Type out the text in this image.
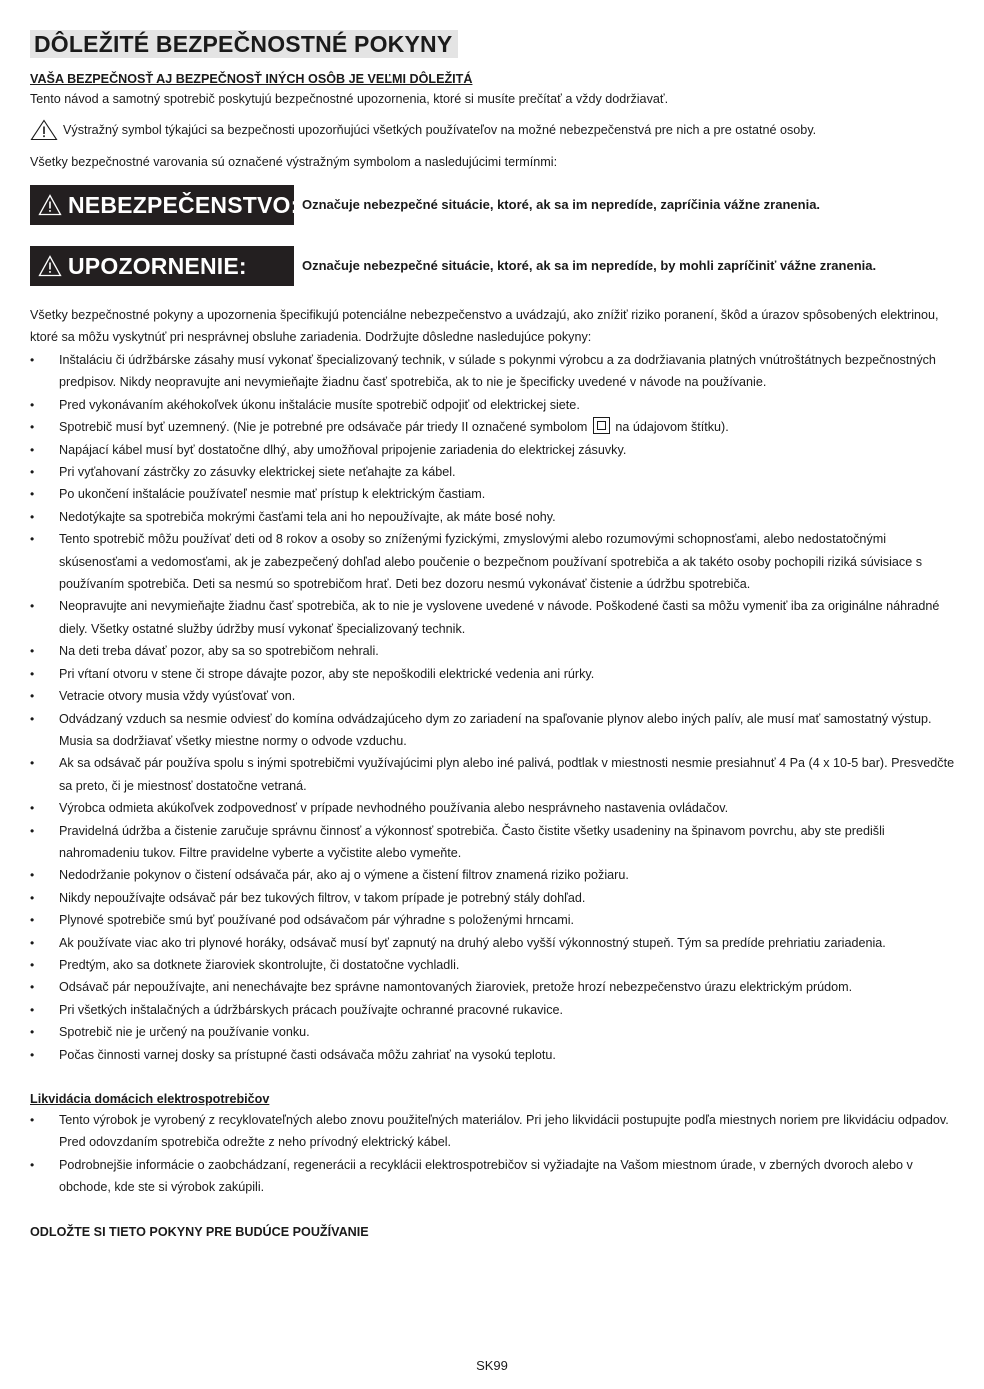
DÔLEŽITÉ BEZPEČNOSTNÉ POKYNY
VAŠA BEZPEČNOSŤ AJ BEZPEČNOSŤ INÝCH OSÔB JE VEĽMI DÔLEŽITÁ

Tento návod a samotný spotrebič poskytujú bezpečnostné upozornenia, ktoré si musíte prečítať a vždy dodržiavať.

Výstražný symbol týkajúci sa bezpečnosti upozorňujúci všetkých používateľov na možné nebezpečenstvá pre nich a pre ostatné osoby.

Všetky bezpečnostné varovania sú označené výstražným symbolom a nasledujúcimi termínmi:

NEBEZPEČENSTVO: Označuje nebezpečné situácie, ktoré, ak sa im nepredíde, zapríčinia vážne zranenia.
UPOZORNENIE:	Označuje nebezpečné situácie, ktoré, ak sa im nepredíde, by mohli zapríčiniť vážne zranenia.

Všetky bezpečnostné pokyny a upozornenia špecifikujú potenciálne nebezpečenstvo a uvádzajú, ako znížiť riziko poranení, škôd a úrazov spôsobených elektrinou, ktoré sa môžu vyskytnúť pri nesprávnej obsluhe zariadenia. Dodržujte dôsledne nasledujúce pokyny:

• Inštaláciu či údržbárske zásahy musí vykonať špecializovaný technik, v súlade s pokynmi výrobcu a za dodržiavania platných vnútroštátnych bezpečnostných predpisov. Nikdy neopravujte ani nevymieňajte žiadnu časť spotrebiča, ak to nie je špecificky uvedené v návode na používanie.
• Pred vykonávaním akéhokoľvek úkonu inštalácie musíte spotrebič odpojiť od elektrickej siete.
• Spotrebič musí byť uzemnený. (Nie je potrebné pre odsávače pár triedy II označené symbolom na údajovom štítku).
• Napájací kábel musí byť dostatočne dlhý, aby umožňoval pripojenie zariadenia do elektrickej zásuvky.
• Pri vyťahovaní zástrčky zo zásuvky elektrickej siete neťahajte za kábel.
• Po ukončení inštalácie používateľ nesmie mať prístup k elektrickým častiam.
• Nedotýkajte sa spotrebiča mokrými časťami tela ani ho nepoužívajte, ak máte bosé nohy.
• Tento spotrebič môžu používať deti od 8 rokov a osoby so zníženými fyzickými, zmyslovými alebo rozumovými schopnosťami, alebo nedostatočnými skúsenosťami a vedomosťami, ak je zabezpečený dohľad alebo poučenie o bezpečnom používaní spotrebiča a ak takéto osoby pochopili riziká súvisiace s používaním spotrebiča. Deti sa nesmú so spotrebičom hrať. Deti bez dozoru nesmú vykonávať čistenie a údržbu spotrebiča.
• Neopravujte ani nevymieňajte žiadnu časť spotrebiča, ak to nie je vyslovene uvedené v návode. Poškodené časti sa môžu vymeniť iba za originálne náhradné diely. Všetky ostatné služby údržby musí vykonať špecializovaný technik.
• Na deti treba dávať pozor, aby sa so spotrebičom nehrali.
• Pri vŕtaní otvoru v stene či strope dávajte pozor, aby ste nepoškodili elektrické vedenia ani rúrky.
• Vetracie otvory musia vždy vyúsťovať von.
• Odvádzaný vzduch sa nesmie odviesť do komína odvádzajúceho dym zo zariadení na spaľovanie plynov alebo iných palív, ale musí mať samostatný výstup. Musia sa dodržiavať všetky miestne normy o odvode vzduchu.
• Ak sa odsávač pár používa spolu s inými spotrebičmi využívajúcimi plyn alebo iné palivá, podtlak v miestnosti nesmie presiahnuť 4 Pa (4 x 10-5 bar). Presvedčte sa preto, či je miestnosť dostatočne vetraná.
• Výrobca odmieta akúkoľvek zodpovednosť v prípade nevhodného používania alebo nesprávneho nastavenia ovládačov.
• Pravidelná údržba a čistenie zaručuje správnu činnosť a výkonnosť spotrebiča. Často čistite všetky usadeniny na špinavom povrchu, aby ste predišli nahromadeniu tukov. Filtre pravidelne vyberte a vyčistite alebo vymeňte.
• Nedodržanie pokynov o čistení odsávača pár, ako aj o výmene a čistení filtrov znamená riziko požiaru.
• Nikdy nepoužívajte odsávač pár bez tukových filtrov, v takom prípade je potrebný stály dohľad.
• Plynové spotrebiče smú byť používané pod odsávačom pár výhradne s položenými hrncami.
• Ak používate viac ako tri plynové horáky, odsávač musí byť zapnutý na druhý alebo vyšší výkonnostný stupeň. Tým sa predíde prehriatiu zariadenia.
• Predtým, ako sa dotknete žiaroviek skontrolujte, či dostatočne vychladli.
• Odsávač pár nepoužívajte, ani nenechávajte bez správne namontovaných žiaroviek, pretože hrozí nebezpečenstvo úrazu elektrickým prúdom.
• Pri všetkých inštalačných a údržbárskych prácach používajte ochranné pracovné rukavice.
• Spotrebič nie je určený na používanie vonku.
• Počas činnosti varnej dosky sa prístupné časti odsávača môžu zahriať na vysokú teplotu.
Likvidácia domácich elektrospotrebičov
• Tento výrobok je vyrobený z recyklovateľných alebo znovu použiteľných materiálov. Pri jeho likvidácii postupujte podľa miestnych noriem pre likvidáciu odpadov. Pred odovzdaním spotrebiča odrežte z neho prívodný elektrický kábel.
• Podrobnejšie informácie o zaobchádzaní, regenerácii a recyklácii elektrospotrebičov si vyžiadajte na Vašom miestnom úrade, v zberných dvoroch alebo v obchode, kde ste si výrobok zakúpili.
ODLOŽTE SI TIETO POKYNY PRE BUDÚCE POUŽÍVANIE
SK99
